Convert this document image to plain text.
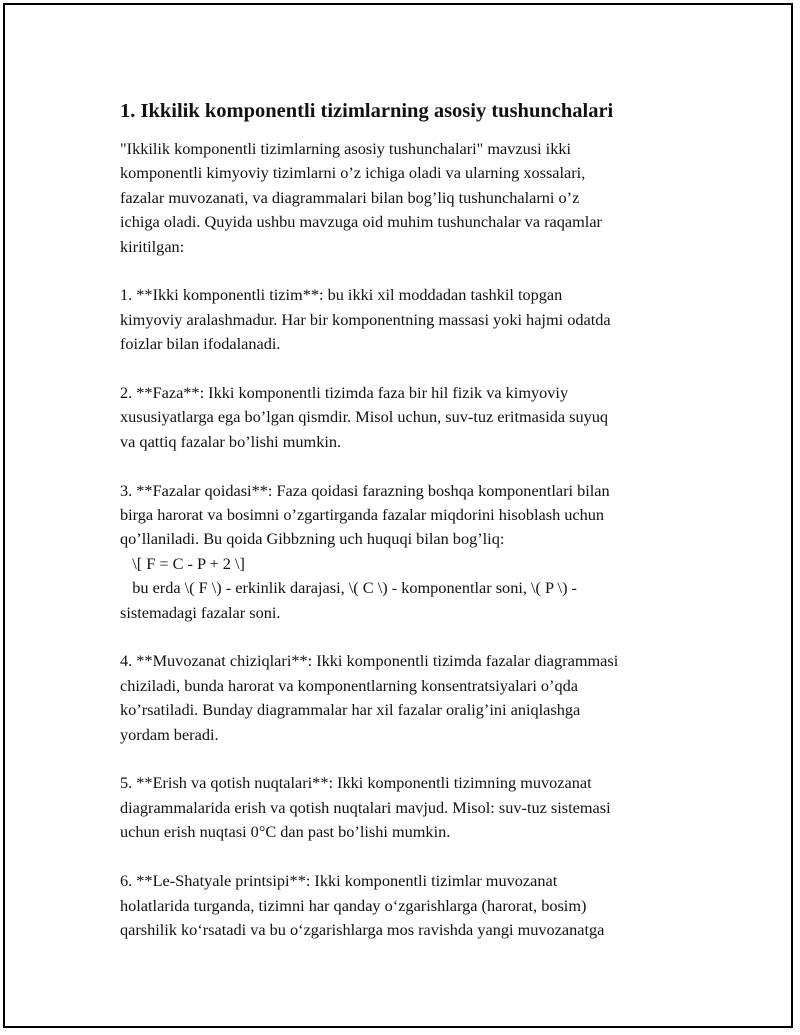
1. Ikkilik komponentli tizimlarning asosiy tushunchalari
"Ikkilik komponentli tizimlarning asosiy tushunchalari" mavzusi ikki
komponentli kimyoviy tizimlarni o’z ichiga oladi va ularning xossalari,
fazalar muvozanati, va diagrammalari bilan bog’liq tushunchalarni o’z
ichiga oladi. Quyida ushbu mavzuga oid muhim tushunchalar va raqamlar
kiritilgan:
1. **Ikki komponentli tizim**: bu ikki xil moddadan tashkil topgan
kimyoviy aralashmadur. Har bir komponentning massasi yoki hajmi odatda
foizlar bilan ifodalanadi.
2. **Faza**: Ikki komponentli tizimda faza bir hil fizik va kimyoviy
xususiyatlarga ega bo’lgan qismdir. Misol uchun, suv-tuz eritmasida suyuq
va qattiq fazalar bo’lishi mumkin.
3. **Fazalar qoidasi**: Faza qoidasi farazning boshqa komponentlari bilan
birga harorat va bosimni o’zgartirganda fazalar miqdorini hisoblash uchun
qo’llaniladi. Bu qoida Gibbzning uch huquqi bilan bog’liq:
\[ F = C - P + 2 \]
bu erda \( F \) - erkinlik darajasi, \( C \) - komponentlar soni, \( P \) -
sistemadagi fazalar soni.
4. **Muvozanat chiziqlari**: Ikki komponentli tizimda fazalar diagrammasi
chiziladi, bunda harorat va komponentlarning konsentratsiyalari o’qda
ko’rsatiladi. Bunday diagrammalar har xil fazalar oralig’ini aniqlashga
yordam beradi.
5. **Erish va qotish nuqtalari**: Ikki komponentli tizimning muvozanat
diagrammalarida erish va qotish nuqtalari mavjud. Misol: suv-tuz sistemasi
uchun erish nuqtasi 0°C dan past bo’lishi mumkin.
6. **Le-Shatyale printsipi**: Ikki komponentli tizimlar muvozanat
holatlarida turganda, tizimni har qanday o‘zgarishlarga (harorat, bosim)
qarshilik ko‘rsatadi va bu o‘zgarishlarga mos ravishda yangi muvozanatga
